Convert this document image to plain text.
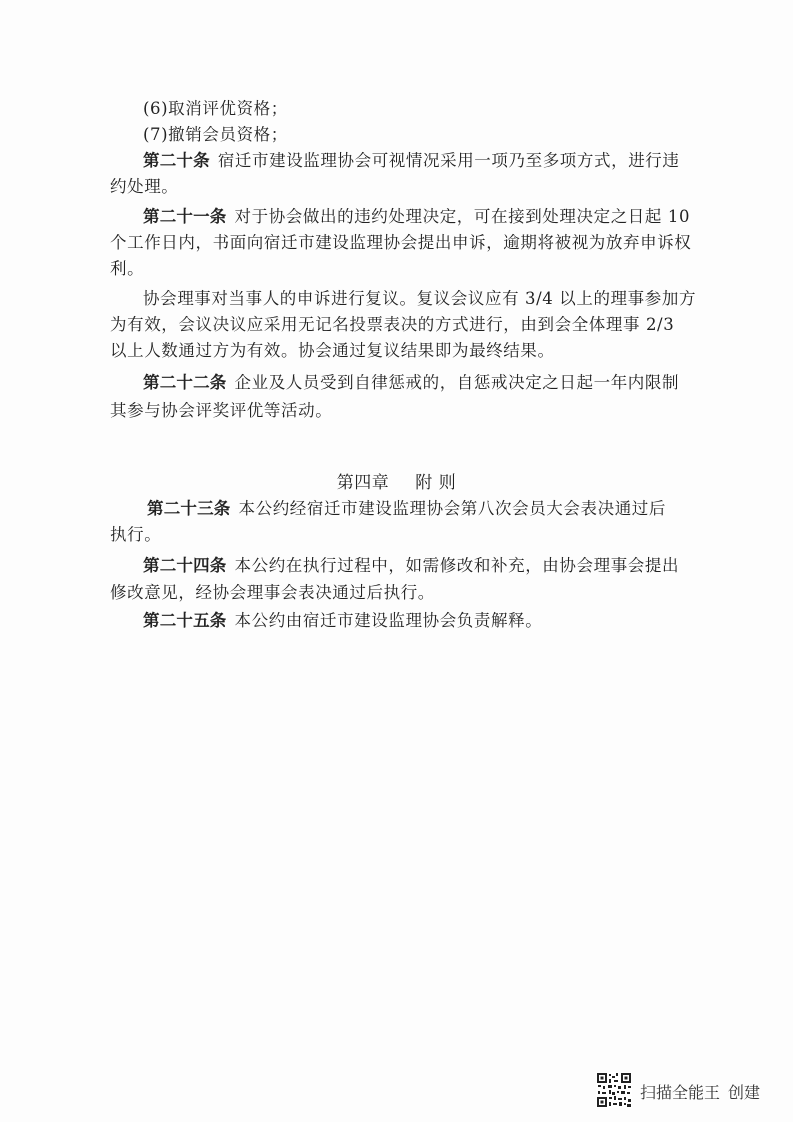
(6)取消评优资格；
(7)撤销会员资格；
第二十条 宿迁市建设监理协会可视情况采用一项乃至多项方式，进行违
约处理。
第二十一条 对于协会做出的违约处理决定，可在接到处理决定之日起 10
个工作日内，书面向宿迁市建设监理协会提出申诉，逾期将被视为放弃申诉权
利。
协会理事对当事人的申诉进行复议。复议会议应有 3/4 以上的理事参加方
为有效，会议决议应采用无记名投票表决的方式进行，由到会全体理事 2/3
以上人数通过方为有效。协会通过复议结果即为最终结果。
第二十二条 企业及人员受到自律惩戒的，自惩戒决定之日起一年内限制
其参与协会评奖评优等活动。
第四章 附 则
第二十三条 本公约经宿迁市建设监理协会第八次会员大会表决通过后
执行。
第二十四条 本公约在执行过程中，如需修改和补充，由协会理事会提出
修改意见，经协会理事会表决通过后执行。
第二十五条 本公约由宿迁市建设监理协会负责解释。
扫描全能王 创建
